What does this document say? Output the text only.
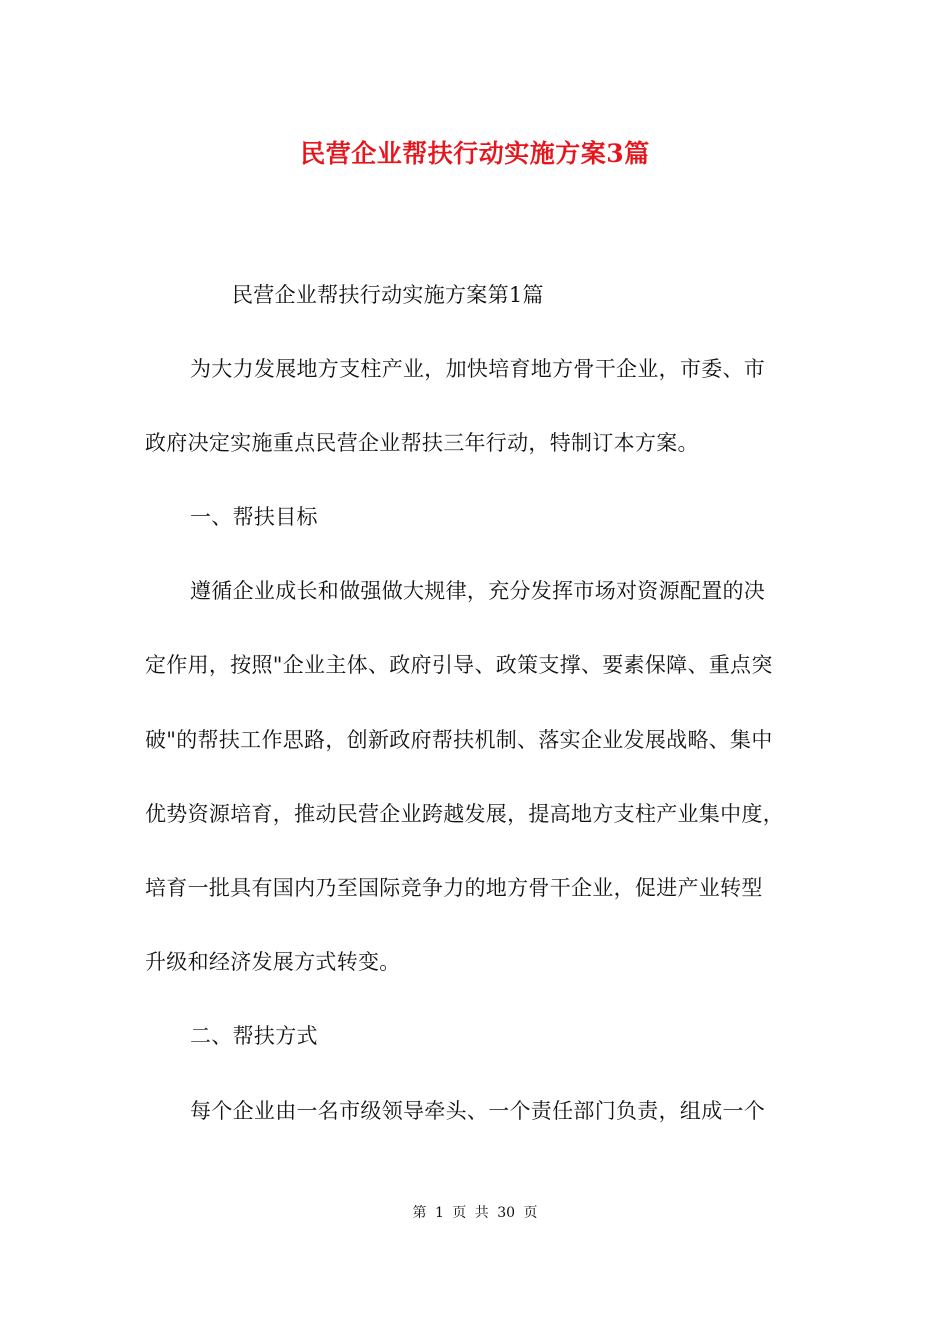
民营企业帮扶行动实施方案3篇
民营企业帮扶行动实施方案第1篇
为大力发展地方支柱产业，加快培育地方骨干企业，市委、市
政府决定实施重点民营企业帮扶三年行动，特制订本方案。
一、帮扶目标
遵循企业成长和做强做大规律，充分发挥市场对资源配置的决
定作用，按照"企业主体、政府引导、政策支撑、要素保障、重点突
破"的帮扶工作思路，创新政府帮扶机制、落实企业发展战略、集中
优势资源培育，推动民营企业跨越发展，提高地方支柱产业集中度，
培育一批具有国内乃至国际竞争力的地方骨干企业，促进产业转型
升级和经济发展方式转变。
二、帮扶方式
每个企业由一名市级领导牵头、一个责任部门负责，组成一个
第 1 页 共 30 页
